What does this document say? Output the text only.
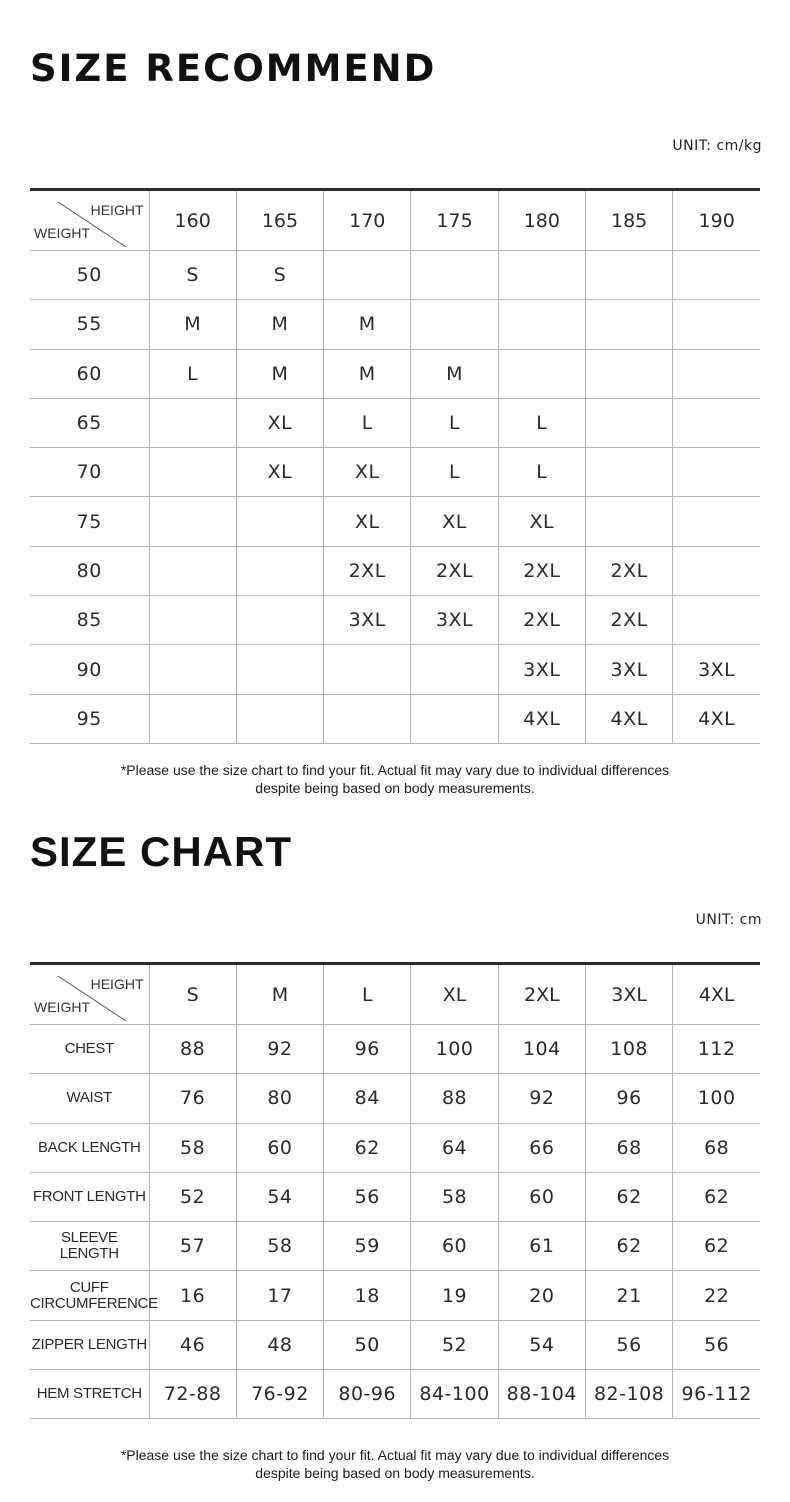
SIZE RECOMMEND
UNIT: cm/kg
HEIGHT
WEIGHT	160	165	170	175	180	185	190
50	S	S					
55	M	M	M				
60	L	M	M	M			
65		XL	L	L	L		
70		XL	XL	L	L		
75			XL	XL	XL		
80			2XL	2XL	2XL	2XL	
85			3XL	3XL	2XL	2XL	
90					3XL	3XL	3XL
95					4XL	4XL	4XL
*Please use the size chart to find your fit. Actual fit may vary due to individual differences
despite being based on body measurements.
SIZE CHART
UNIT: cm
HEIGHT
WEIGHT	S	M	L	XL	2XL	3XL	4XL
CHEST	88	92	96	100	104	108	112
WAIST	76	80	84	88	92	96	100
BACK LENGTH	58	60	62	64	66	68	68
FRONT LENGTH	52	54	56	58	60	62	62
SLEEVE LENGTH	57	58	59	60	61	62	62
CUFF
CIRCUMFERENCE	16	17	18	19	20	21	22
ZIPPER LENGTH	46	48	50	52	54	56	56
HEM STRETCH	72-88	76-92	80-96	84-100	88-104	82-108	96-112
*Please use the size chart to find your fit. Actual fit may vary due to individual differences
despite being based on body measurements.
